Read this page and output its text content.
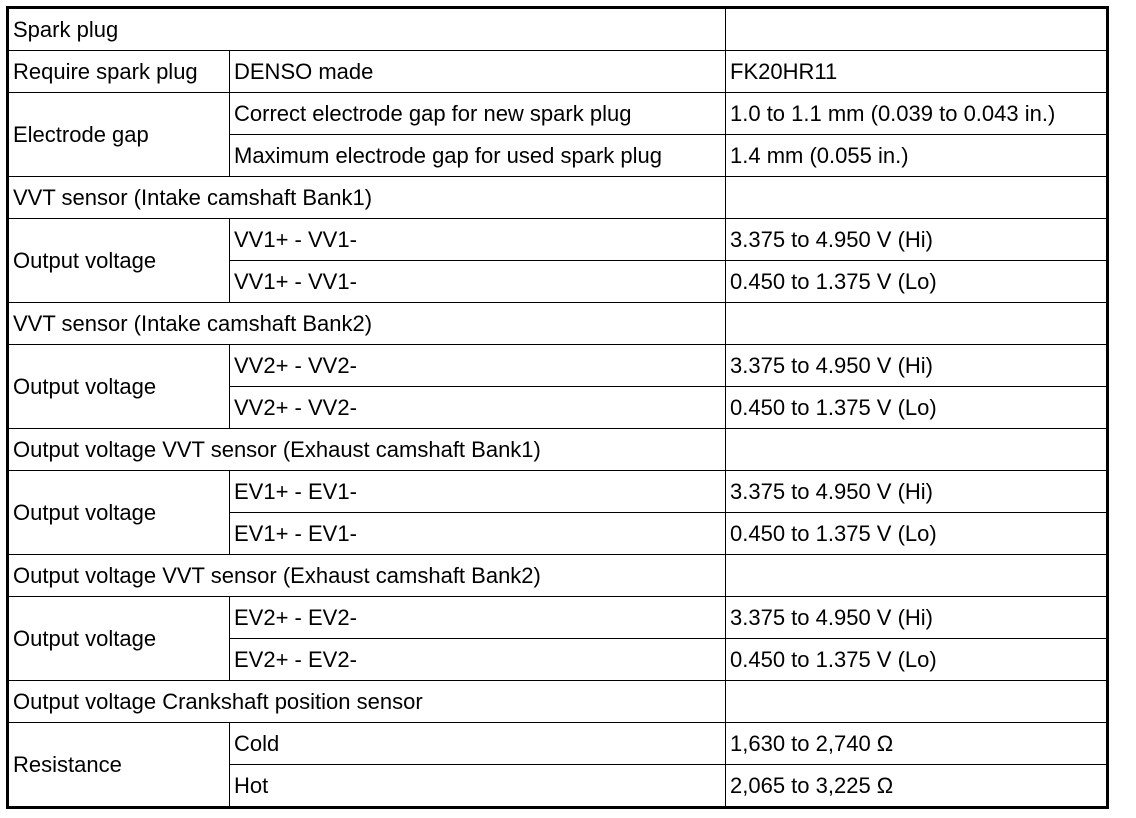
Spark plug		
Require spark plug	DENSO made	FK20HR11
Electrode gap	Correct electrode gap for new spark plug	1.0 to 1.1 mm (0.039 to 0.043 in.)
	Maximum electrode gap for used spark plug	1.4 mm (0.055 in.)
VVT sensor (Intake camshaft Bank1)		
Output voltage	VV1+ - VV1-	3.375 to 4.950 V (Hi)
	VV1+ - VV1-	0.450 to 1.375 V (Lo)
VVT sensor (Intake camshaft Bank2)		
Output voltage	VV2+ - VV2-	3.375 to 4.950 V (Hi)
	VV2+ - VV2-	0.450 to 1.375 V (Lo)
Output voltage VVT sensor (Exhaust camshaft Bank1)		
Output voltage	EV1+ - EV1-	3.375 to 4.950 V (Hi)
	EV1+ - EV1-	0.450 to 1.375 V (Lo)
Output voltage VVT sensor (Exhaust camshaft Bank2)		
Output voltage	EV2+ - EV2-	3.375 to 4.950 V (Hi)
	EV2+ - EV2-	0.450 to 1.375 V (Lo)
Output voltage Crankshaft position sensor		
Resistance	Cold	1,630 to 2,740 Ω
	Hot	2,065 to 3,225 Ω
